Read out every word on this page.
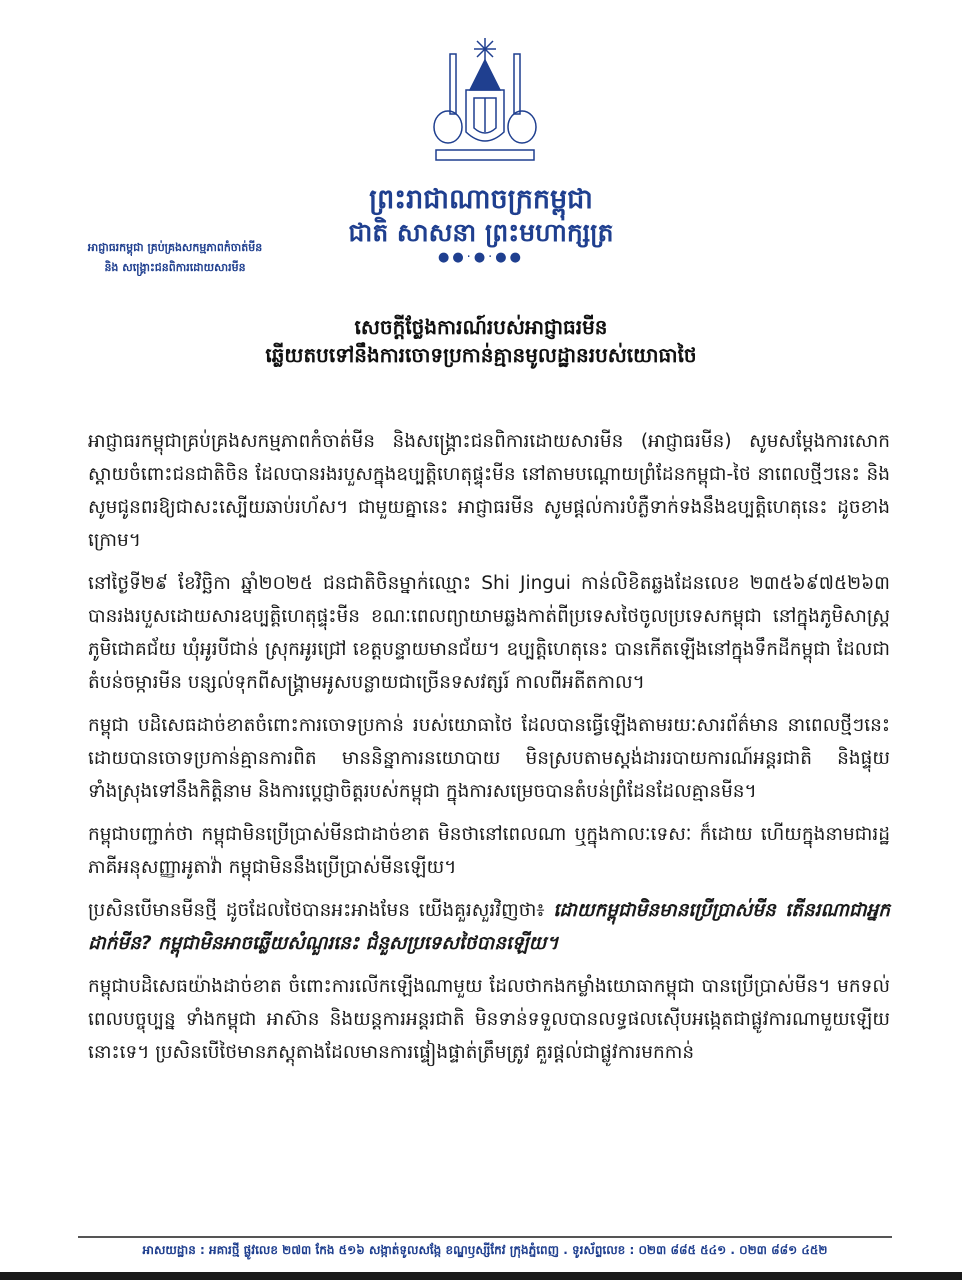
ព្រះរាជាណាចក្រកម្ពុជា
ជាតិ សាសនា ព្រះមហាក្សត្រ
●●·●·●●
អាជ្ញាធរកម្ពុជា គ្រប់គ្រងសកម្មភាពកំចាត់មីន
និង សង្គ្រោះជនពិការដោយសារមីន
សេចក្តីថ្លែងការណ៍របស់អាជ្ញាធរមីន
ឆ្លើយតបទៅនឹងការចោទប្រកាន់គ្មានមូលដ្ឋានរបស់យោធាថៃ

អាជ្ញាធរកម្ពុជាគ្រប់គ្រងសកម្មភាពកំចាត់មីន និងសង្គ្រោះជនពិការដោយសារមីន (អាជ្ញាធរមីន) សូមសម្តែងការសោកស្តាយចំពោះជនជាតិចិន ដែលបានរងរបួសក្នុងឧប្បត្តិហេតុផ្ទុះមីន នៅតាមបណ្តោយព្រំដែនកម្ពុជា-ថៃ នាពេលថ្មីៗនេះ និងសូមជូនពរឱ្យជាសះស្បើយឆាប់រហ័ស។ ជាមួយគ្នានេះ អាជ្ញាធរមីន សូមផ្តល់ការបំភ្លឺទាក់ទងនឹងឧប្បត្តិហេតុនេះ ដូចខាងក្រោម។

នៅថ្ងៃទី២៩ ខែវិច្ឆិកា ឆ្នាំ២០២៥ ជនជាតិចិនម្នាក់ឈ្មោះ Shi Jingui កាន់លិខិតឆ្លងដែនលេខ ២៣៥៦៩៧៥២៦៣ បានរងរបួសដោយសារឧប្បត្តិហេតុផ្ទុះមីន ខណៈពេលព្យាយាមឆ្លងកាត់ពីប្រទេសថៃចូលប្រទេសកម្ពុជា នៅក្នុងភូមិសាស្រ្តភូមិជោគជ័យ ឃុំអូរបីជាន់ ស្រុកអូរជ្រៅ ខេត្តបន្ទាយមានជ័យ។ ឧប្បត្តិហេតុនេះ បានកើតឡើងនៅក្នុងទឹកដីកម្ពុជា ដែលជាតំបន់ចម្ការមីន បន្សល់ទុកពីសង្គ្រាមអូសបន្លាយជាច្រើនទសវត្សរ៍ កាលពីអតីតកាល។

កម្ពុជា បដិសេធដាច់ខាតចំពោះការចោទប្រកាន់ របស់យោធាថៃ ដែលបានធ្វើឡើងតាមរយៈសារព័ត៌មាន នាពេលថ្មីៗនេះ ដោយបានចោទប្រកាន់គ្មានការពិត មាននិន្នាការនយោបាយ មិនស្របតាមស្តង់ដាររបាយការណ៍អន្តរជាតិ និងផ្ទុយទាំងស្រុងទៅនឹងកិត្តិនាម និងការប្តេជ្ញាចិត្តរបស់កម្ពុជា ក្នុងការសម្រេចបានតំបន់ព្រំដែនដែលគ្មានមីន។

កម្ពុជាបញ្ជាក់ថា កម្ពុជាមិនប្រើប្រាស់មីនជាដាច់ខាត មិនថានៅពេលណា ឬក្នុងកាលៈទេសៈ ក៏ដោយ ហើយក្នុងនាមជារដ្ឋភាគីអនុសញ្ញាអូតាវ៉ា កម្ពុជាមិននឹងប្រើប្រាស់មីនឡើយ។

ប្រសិនបើមានមីនថ្មី ដូចដែលថៃបានអះអាងមែន យើងគួរសួរវិញថា៖ ដោយកម្ពុជាមិនមានប្រើប្រាស់មីន តើនរណាជាអ្នកដាក់មីន? កម្ពុជាមិនអាចឆ្លើយសំណួរនេះ ជំនួសប្រទេសថៃបានឡើយ។

កម្ពុជាបដិសេធយ៉ាងដាច់ខាត ចំពោះការលើកឡើងណាមួយ ដែលថាកងកម្លាំងយោធាកម្ពុជា បានប្រើប្រាស់មីន។ មកទល់ពេលបច្ចុប្បន្ន ទាំងកម្ពុជា អាស៊ាន និងយន្តការអន្តរជាតិ មិនទាន់ទទួលបានលទ្ធផលស៊ើបអង្កេតជាផ្លូវការណាមួយឡើយនោះទេ។ ប្រសិនបើថៃមានភស្តុតាងដែលមានការផ្ទៀងផ្ទាត់ត្រឹមត្រូវ គួរផ្តល់ជាផ្លូវការមកកាន់

អាសយដ្ឋាន : អគារថ្មី ផ្លូវលេខ ២៧៣ កែង ៥១៦ សង្កាត់ទូលសង្កែ ខណ្ឌឫស្សីកែវ ក្រុងភ្នំពេញ . ទូរស័ព្ទលេខ : ០២៣ ៨៨៥ ៥៤១ . ០២៣ ៨៨១ ៤៥២
